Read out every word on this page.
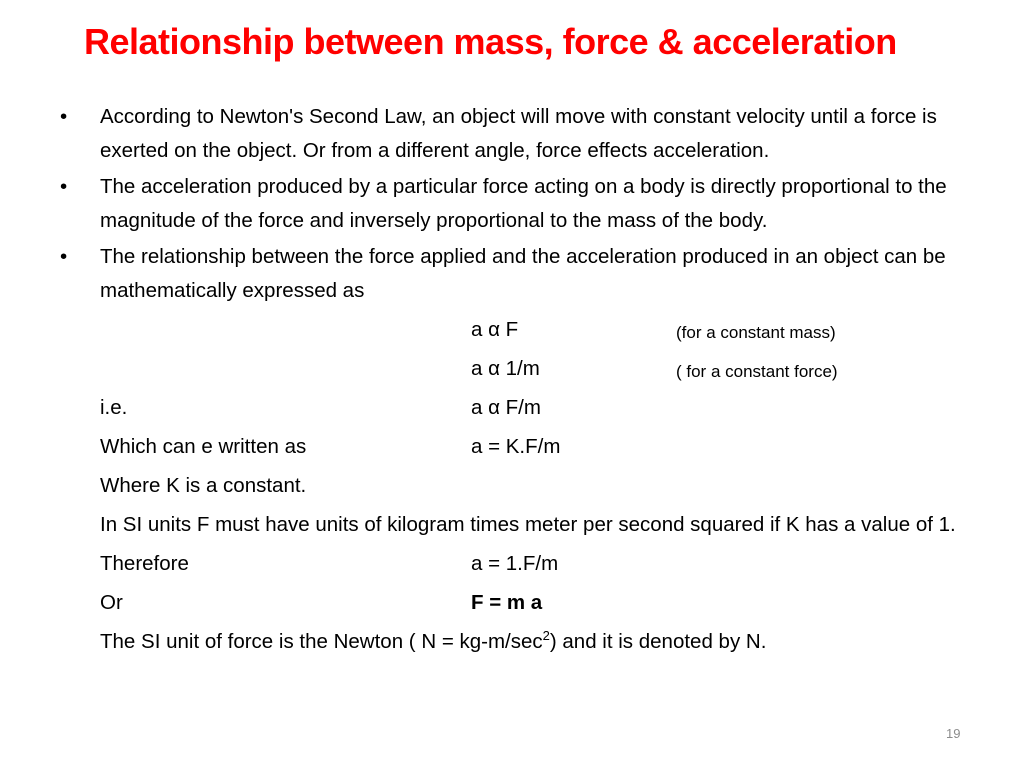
Relationship between mass, force & acceleration
• According to Newton's Second Law, an object will move with constant velocity until a force is exerted on the object. Or from a different angle, force effects acceleration.
• The acceleration produced by a particular force acting on a body is directly proportional to the magnitude of the force and inversely proportional to the mass of the body.
• The relationship between the force applied and the acceleration produced in an object can be mathematically expressed as
a α F	(for a constant mass)
a α 1/m	( for a constant force)
i.e.	a α F/m
Which can e written as	a = K.F/m
Where K is a constant.
In SI units F must have units of kilogram times meter per second squared if K has a value of 1.
Therefore	a = 1.F/m
Or	F = m a
The SI unit of force is the Newton ( $N = kg-m/\sec^2$) and it is denoted by N.
19
